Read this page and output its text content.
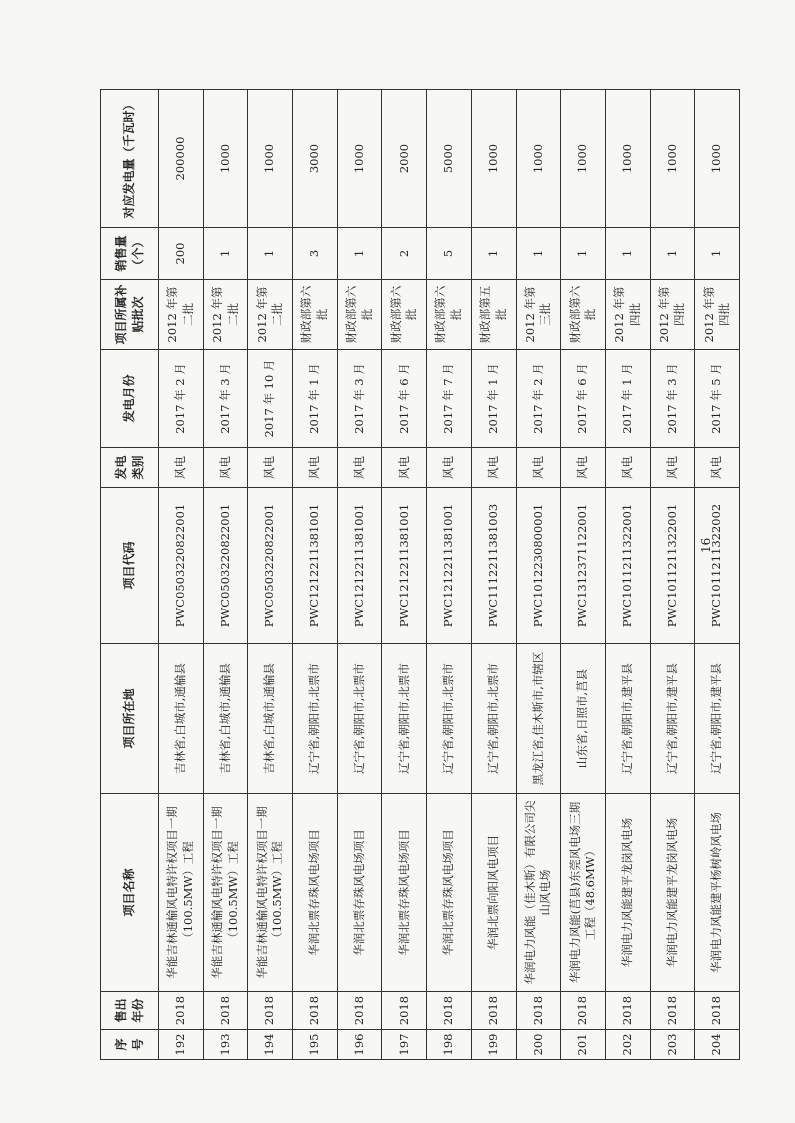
序号	售出年份	项目名称	项目所在地	项目代码	发电类别	发电月份	项目所属补贴批次	销售量（个）	对应发电量（千瓦时）
192	2018	华能吉林通榆风电特许权项目一期（100.5MW）工程	吉林省,白城市,通榆县	PWC0503220822001	风电	2017 年 2 月	2012 年第二批	200	200000
193	2018	华能吉林通榆风电特许权项目一期（100.5MW）工程	吉林省,白城市,通榆县	PWC0503220822001	风电	2017 年 3 月	2012 年第二批	1	1000
194	2018	华能吉林通榆风电特许权项目一期（100.5MW）工程	吉林省,白城市,通榆县	PWC0503220822001	风电	2017 年 10 月	2012 年第二批	1	1000
195	2018	华润北票存珠风电场项目	辽宁省,朝阳市,北票市	PWC1212211381001	风电	2017 年 1 月	财政部第六批	3	3000
196	2018	华润北票存珠风电场项目	辽宁省,朝阳市,北票市	PWC1212211381001	风电	2017 年 3 月	财政部第六批	1	1000
197	2018	华润北票存珠风电场项目	辽宁省,朝阳市,北票市	PWC1212211381001	风电	2017 年 6 月	财政部第六批	2	2000
198	2018	华润北票存珠风电场项目	辽宁省,朝阳市,北票市	PWC1212211381001	风电	2017 年 7 月	财政部第六批	5	5000
199	2018	华润北票向阳风电项目	辽宁省,朝阳市,北票市	PWC1112211381003	风电	2017 年 1 月	财政部第五批	1	1000
200	2018	华润电力风能（佳木斯）有限公司尖山风电场	黑龙江省,佳木斯市,市辖区	PWC1012230800001	风电	2017 年 2 月	2012 年第三批	1	1000
201	2018	华润电力风能(莒县)东莞风电场三期工程（48.6MW）	山东省,日照市,莒县	PWC1312371122001	风电	2017 年 6 月	财政部第六批	1	1000
202	2018	华润电力风能建平龙岗风电场	辽宁省,朝阳市,建平县	PWC1011211322001	风电	2017 年 1 月	2012 年第四批	1	1000
203	2018	华润电力风能建平龙岗风电场	辽宁省,朝阳市,建平县	PWC1011211322001	风电	2017 年 3 月	2012 年第四批	1	1000
204	2018	华润电力风能建平杨树岭风电场	辽宁省,朝阳市,建平县	PWC1011211322002	风电	2017 年 5 月	2012 年第四批	1	1000
16
